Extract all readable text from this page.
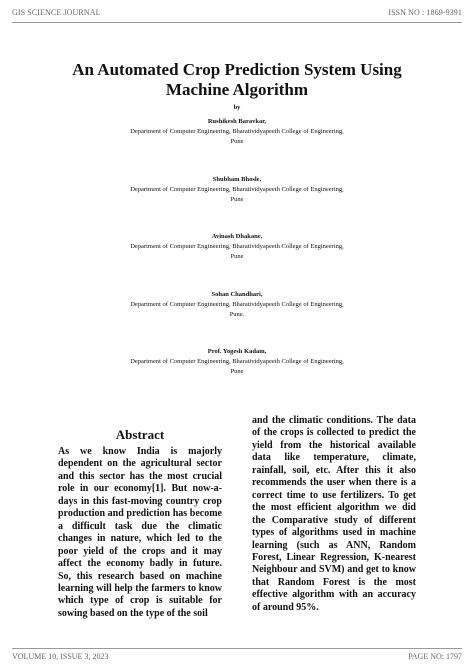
GIS SCIENCE JOURNAL	ISSN NO : 1869-9391
An Automated Crop Prediction System Using Machine Algorithm

by

Rushikesh Baravkar,
Department of Computer Engineering, Bharatividyapeeth College of Engineering,
Pune
Shubham Bhosle,
Department of Computer Engineering, Bharatividyapeeth College of Engineering,
Pune
Avinash Dhakane,
Department of Computer Engineering, Bharatividyapeeth College of Engineering,
Pune
Sohan Chandhari,
Department of Computer Engineering, Bharatividyapeeth College of Engineering,
Pune.
Prof. Yogesh Kadam,
Department of Computer Engineering, Bharatividyapeeth College of Engineering,
Pune
Abstract

As we know India is majorly dependent on the agricultural sector and this sector has the most crucial role in our economy[1]. But now-a-days in this fast-moving country crop production and prediction has become a difficult task due the climatic changes in nature, which led to the poor yield of the crops and it may affect the economy badly in future. So, this research based on machine learning will help the farmers to know which type of crop is suitable for sowing based on the type of the soil

and the climatic conditions. The data of the crops is collected to predict the yield from the historical available data like temperature, climate, rainfall, soil, etc. After this it also recommends the user when there is a correct time to use fertilizers. To get the most efficient algorithm we did the Comparative study of different types of algorithms used in machine learning (such as ANN, Random Forest, Linear Regression, K-nearest Neighbour and SVM) and get to know that Random Forest is the most effective algorithm with an accuracy of around 95%.

VOLUME 10, ISSUE 3, 2023	PAGE NO: 1797
